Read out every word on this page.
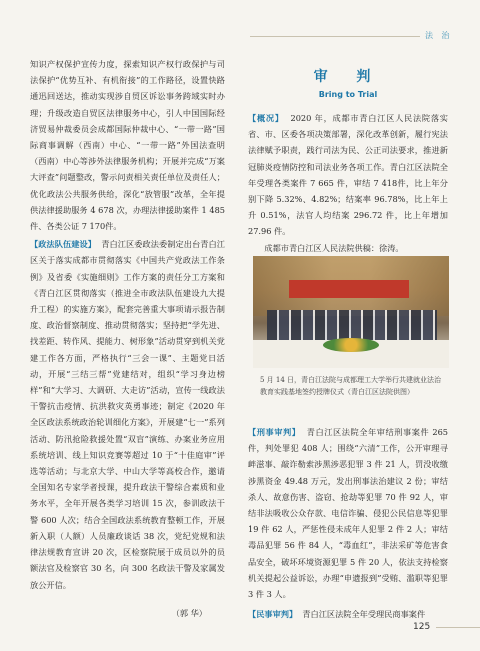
法 治

知识产权保护宣传力度，探索知识产权行政保护与司法保护“优势互补、有机衔接”的工作路径，设置快路通迅回送达，推动实现涉自贸区诉讼事务跨域实时办理；升级改造自贸区法律服务中心，引人中国国际经济贸易仲裁委员会成都国际仲裁中心、“一带一路”国际商事调解（西南）中心、“一带一路”外国法查明（西南）中心等涉外法律服务机构；开展并完成“万案大评查”问题整改，警示问责相关责任单位及责任人；优化政法公共服务供给，深化“放管服”改革，全年提供法律援助服务 4 678 次，办理法律援助案件 1 485 件、各类公证 7 170件。

【政法队伍建设】 青白江区委政法委制定出台青白江区关于落实成都市贯彻落实《中国共产党政法工作条例》及省委《实施细则》工作方案的责任分工方案和《青白江区贯彻落实（推进全市政法队伍建设九大提升工程）的实施方案》，配套完善重大事项请示报告制度、政治督察制度、推动贯彻落实；坚持把“学先进、找差距、转作风、提能力、树形象”活动贯穿到机关党建工作各方面，严格执行“三会一课”、主题党日活动，开展“三结三帮”党建结对，组织“学习身边榜样”和“大学习、大调研、大走访”活动，宣传一线政法干警抗击疫情、抗洪救灾英勇事迹；制定《2020 年全区政法系统政治轮训细化方案》，开展建“七一”系列活动、防汛抢险救援处置“双盲”演练、办案业务应用系统培训、线上知识竞赛等超过 10 于“十佳庭审”评选等活动；与北京大学、中山大学等高校合作，邀请全国知名专家学者授课，提升政法干警综合素质和业务水平，全年开展各类学习培训 15 次，参训政法干警 600 人次；结合全国政法系统教育整顿工作，开展新入职（人额）人员廉政谈话 38 次，党纪党规和法律法规教育宣讲 20 次，区检察院展于成员以外的员额法官及检察官 30 名，向 300 名政法干警及家属发放公开信。

（郭 华）

审 判
Bring to Trial

【概况】 2020 年，成都市青白江区人民法院落实省、市、区委各项决策部署，深化改革创新，履行宪法法律赋予职责，践行司法为民、公正司法要求，推进新冠肺炎疫情防控和司法业务各项工作。青白江区法院全年受理各类案件 7 665 件，审结 7 418件，比上年分别下降 5.32%、4.82%；结案率 96.78%，比上年上升 0.51%，法官人均结案 296.72 件，比上年增加 27.96 件。

成都市青白江区人民法院供稿：徐涛。

5 月 14 日，青白江法院与成都理工大学举行共建就业法治教育实践基地签约授牌仪式（青白江区法院供图）

【刑事审判】 青白江区法院全年审结刑事案件 265 件，判处罪犯 408 人；围绕“六清”工作，公开审理寻衅滋事、敲诈勒索涉黑涉恶犯罪 3 件 21 人，罚没收缴涉黑资金 49.48 万元，发出刑事法治建议 2 份；审结杀人、故意伤害、盗窃、抢劫等犯罪 70 件 92 人，审结非法吸收公众存款、电信诈骗、侵犯公民信息等犯罪 19 件 62 人，严惩性侵未成年人犯罪 2 件 2 人；审结毒品犯罪 56 件 84 人，“毒血红”，非法采矿等危害食品安全，破坏环境资源犯罪 5 件 20 人，依法支持检察机关提起公益诉讼，办理“申遗报到”受贿、滥职等犯罪 3 件 3 人。

【民事审判】 青白江区法院全年受理民商事案件

125
